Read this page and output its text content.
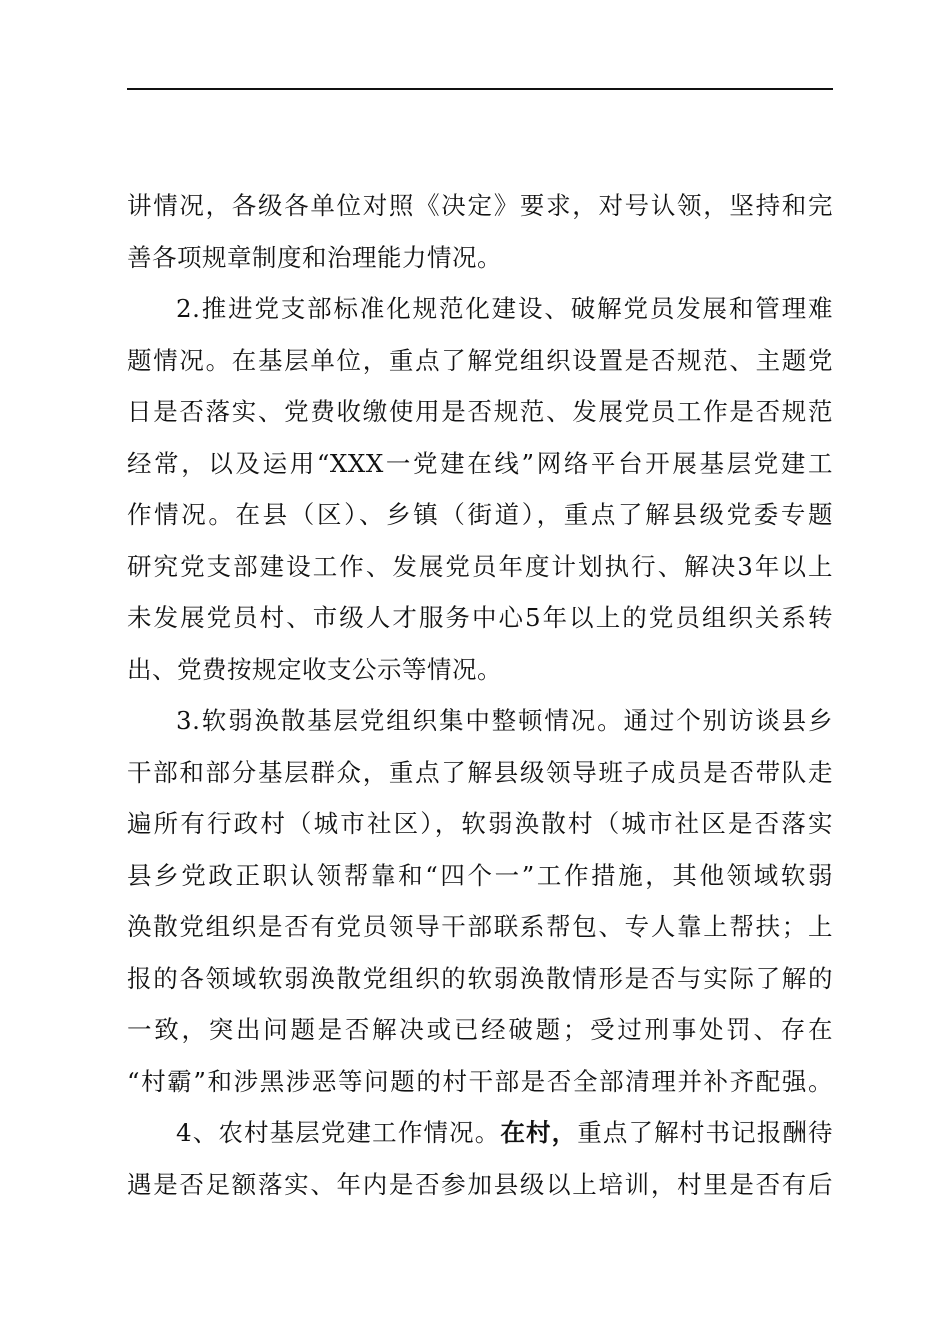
讲情况，各级各单位对照《决定》要求，对号认领，坚持和完
善各项规章制度和治理能力情况。
2.推进党支部标准化规范化建设、破解党员发展和管理难
题情况。在基层单位，重点了解党组织设置是否规范、主题党
日是否落实、党费收缴使用是否规范、发展党员工作是否规范
经常，以及运用“XXX一党建在线”网络平台开展基层党建工
作情况。在县（区）、乡镇（街道），重点了解县级党委专题
研究党支部建设工作、发展党员年度计划执行、解决3年以上
未发展党员村、市级人才服务中心5年以上的党员组织关系转
出、党费按规定收支公示等情况。
3.软弱涣散基层党组织集中整顿情况。通过个别访谈县乡
干部和部分基层群众，重点了解县级领导班子成员是否带队走
遍所有行政村（城市社区），软弱涣散村（城市社区是否落实
县乡党政正职认领帮靠和“四个一”工作措施，其他领域软弱
涣散党组织是否有党员领导干部联系帮包、专人靠上帮扶；上
报的各领域软弱涣散党组织的软弱涣散情形是否与实际了解的
一致，突出问题是否解决或已经破题；受过刑事处罚、存在
“村霸”和涉黑涉恶等问题的村干部是否全部清理并补齐配强。
4、农村基层党建工作情况。在村，重点了解村书记报酬待
遇是否足额落实、年内是否参加县级以上培训，村里是否有后
